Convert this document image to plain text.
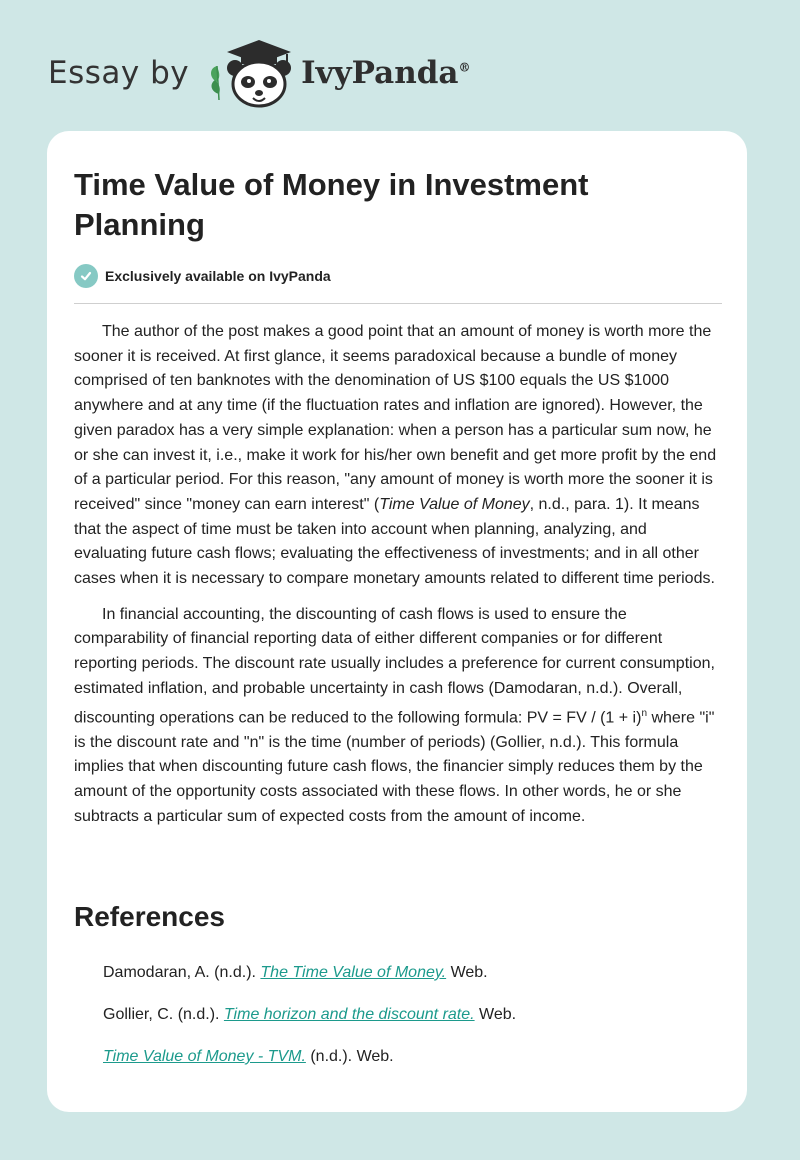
Essay by	IvyPanda®
Time Value of Money in Investment Planning
Exclusively available on IvyPanda

The author of the post makes a good point that an amount of money is worth more the sooner it is received. At first glance, it seems paradoxical because a bundle of money comprised of ten banknotes with the denomination of US $100 equals the US $1000 anywhere and at any time (if the fluctuation rates and inflation are ignored). However, the given paradox has a very simple explanation: when a person has a particular sum now, he or she can invest it, i.e., make it work for his/her own benefit and get more profit by the end of a particular period. For this reason, "any amount of money is worth more the sooner it is received" since "money can earn interest" (Time Value of Money, n.d., para. 1). It means that the aspect of time must be taken into account when planning, analyzing, and evaluating future cash flows; evaluating the effectiveness of investments; and in all other cases when it is necessary to compare monetary amounts related to different time periods.

In financial accounting, the discounting of cash flows is used to ensure the comparability of financial reporting data of either different companies or for different reporting periods. The discount rate usually includes a preference for current consumption, estimated inflation, and probable uncertainty in cash flows (Damodaran, n.d.). Overall, discounting operations can be reduced to the following formula: PV = FV / $(1 + i)^n$ where "i" is the discount rate and "n" is the time (number of periods) (Gollier, n.d.). This formula implies that when discounting future cash flows, the financier simply reduces them by the amount of the opportunity costs associated with these flows. In other words, he or she subtracts a particular sum of expected costs from the amount of income.

References

Damodaran, A. (n.d.). The Time Value of Money. Web.

Gollier, C. (n.d.). Time horizon and the discount rate. Web.

Time Value of Money - TVM. (n.d.). Web.
